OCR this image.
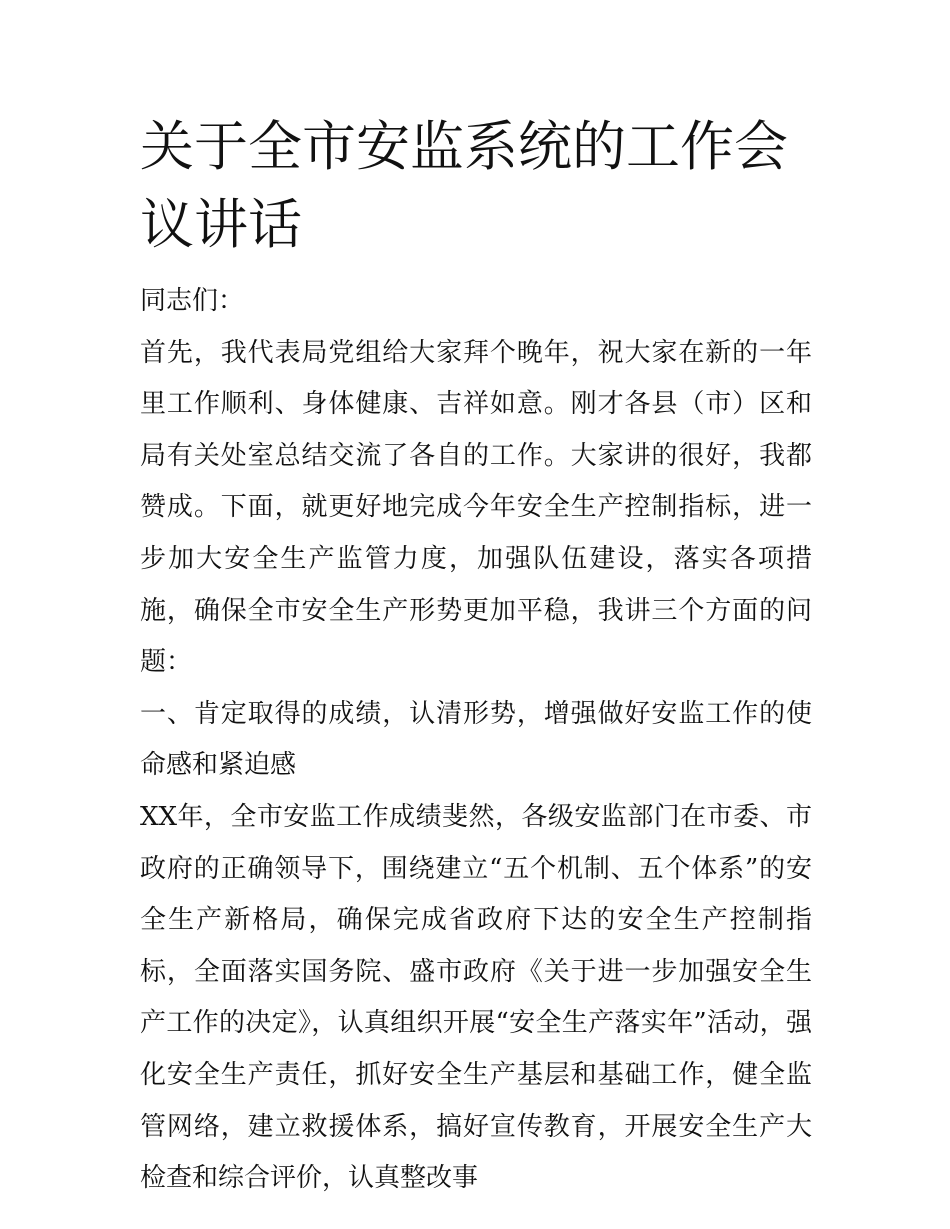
关于全市安监系统的工作会议讲话

同志们：

首先，我代表局党组给大家拜个晚年，祝大家在新的一年里工作顺利、身体健康、吉祥如意。刚才各县（市）区和局有关处室总结交流了各自的工作。大家讲的很好，我都赞成。下面，就更好地完成今年安全生产控制指标，进一步加大安全生产监管力度，加强队伍建设，落实各项措施，确保全市安全生产形势更加平稳，我讲三个方面的问题：

一、肯定取得的成绩，认清形势，增强做好安监工作的使命感和紧迫感

XX年，全市安监工作成绩斐然，各级安监部门在市委、市政府的正确领导下，围绕建立“五个机制、五个体系”的安全生产新格局，确保完成省政府下达的安全生产控制指标，全面落实国务院、盛市政府《关于进一步加强安全生产工作的决定》，认真组织开展“安全生产落实年”活动，强化安全生产责任，抓好安全生产基层和基础工作，健全监管网络，建立救援体系，搞好宣传教育，开展安全生产大检查和综合评价，认真整改事
